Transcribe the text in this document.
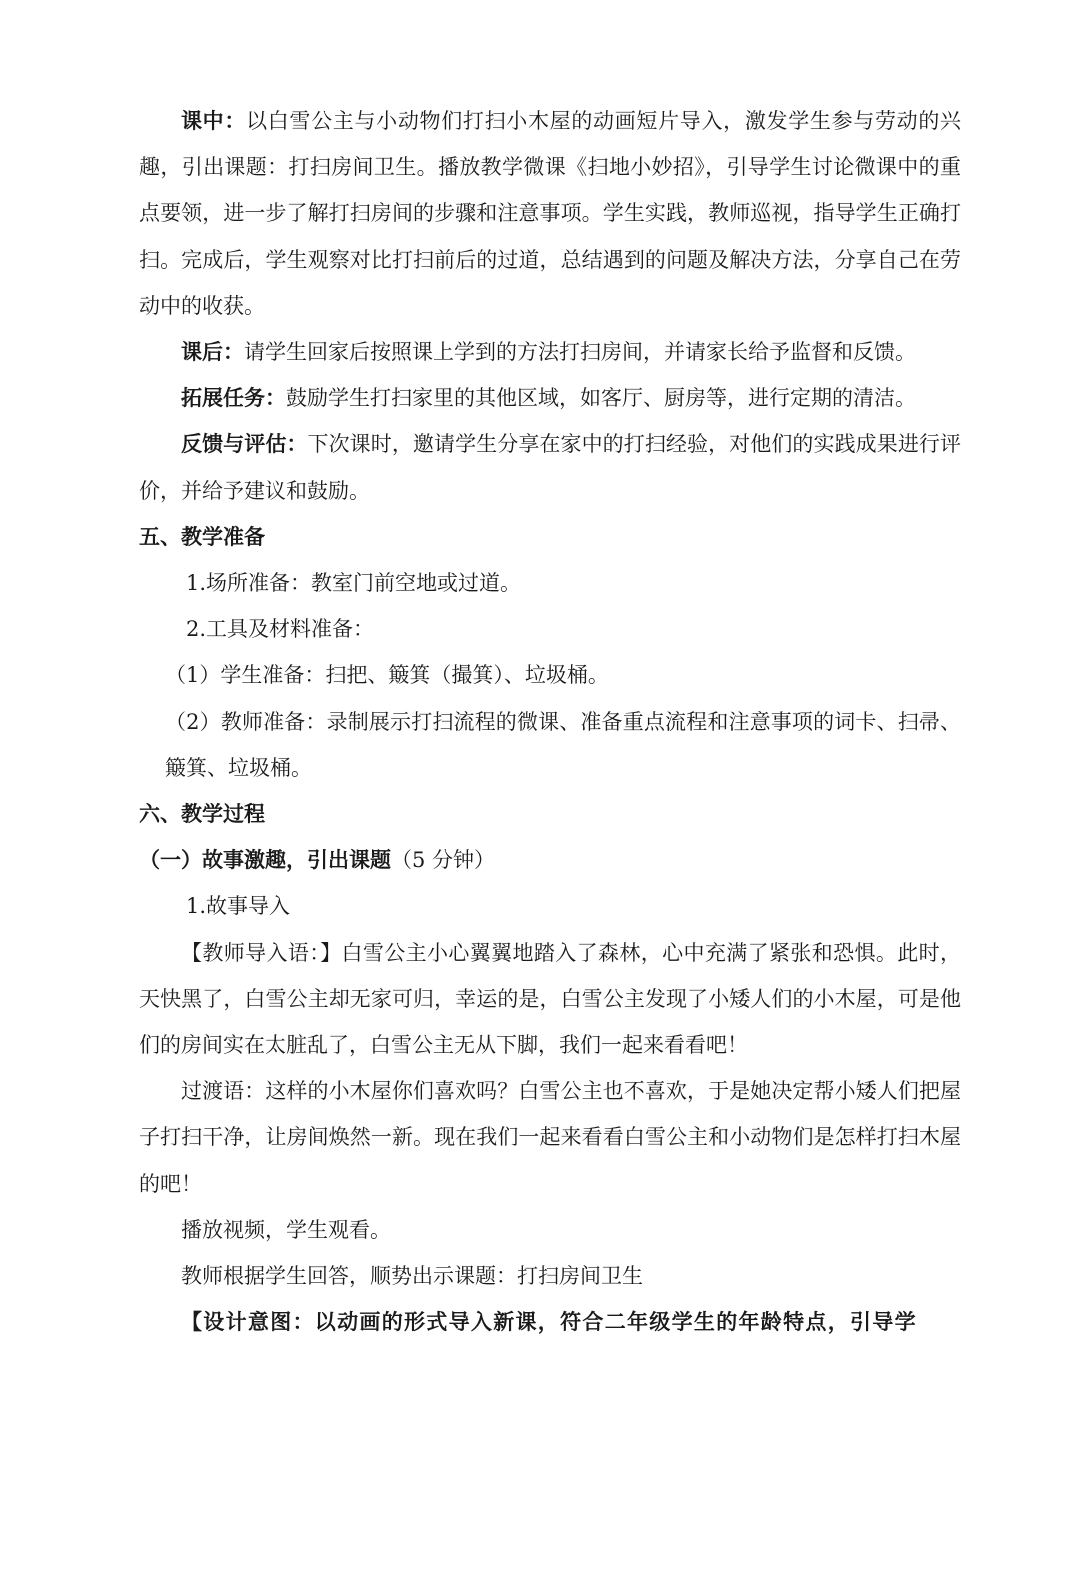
课中：以白雪公主与小动物们打扫小木屋的动画短片导入，激发学生参与劳动的兴趣，引出课题：打扫房间卫生。播放教学微课《扫地小妙招》，引导学生讨论微课中的重点要领，进一步了解打扫房间的步骤和注意事项。学生实践，教师巡视，指导学生正确打扫。完成后，学生观察对比打扫前后的过道，总结遇到的问题及解决方法，分享自己在劳动中的收获。

课后：请学生回家后按照课上学到的方法打扫房间，并请家长给予监督和反馈。

拓展任务：鼓励学生打扫家里的其他区域，如客厅、厨房等，进行定期的清洁。

反馈与评估：下次课时，邀请学生分享在家中的打扫经验，对他们的实践成果进行评价，并给予建议和鼓励。

五、教学准备

1.场所准备：教室门前空地或过道。

2.工具及材料准备：

（1）学生准备：扫把、簸箕（撮箕）、垃圾桶。

（2）教师准备：录制展示打扫流程的微课、准备重点流程和注意事项的词卡、扫帚、簸箕、垃圾桶。

六、教学过程

（一）故事激趣，引出课题（5 分钟）

1.故事导入

【教师导入语：】白雪公主小心翼翼地踏入了森林，心中充满了紧张和恐惧。此时，天快黑了，白雪公主却无家可归，幸运的是，白雪公主发现了小矮人们的小木屋，可是他们的房间实在太脏乱了，白雪公主无从下脚，我们一起来看看吧！

过渡语：这样的小木屋你们喜欢吗？白雪公主也不喜欢，于是她决定帮小矮人们把屋子打扫干净，让房间焕然一新。现在我们一起来看看白雪公主和小动物们是怎样打扫木屋的吧！

播放视频，学生观看。

教师根据学生回答，顺势出示课题：打扫房间卫生

【设计意图：以动画的形式导入新课，符合二年级学生的年龄特点，引导学
